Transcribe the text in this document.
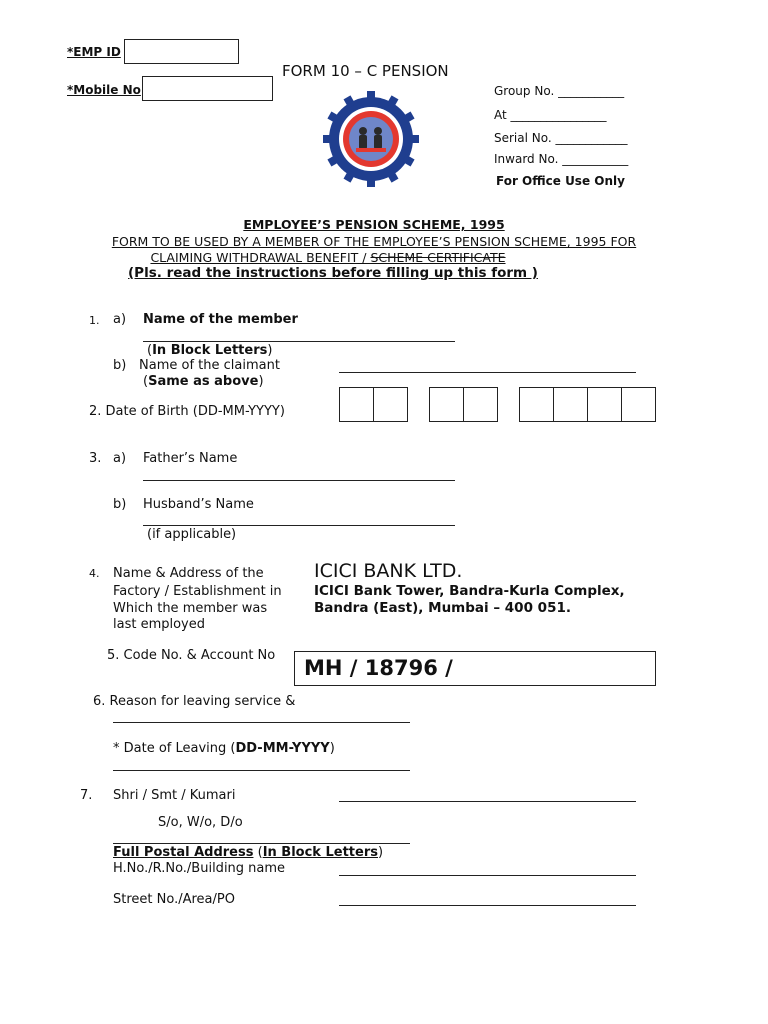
*EMP ID
*Mobile No
FORM 10 – C PENSION
Group No. ___________
At ________________
Serial No. ____________
Inward No. ___________
For Office Use Only
EMPLOYEE’S PENSION SCHEME, 1995
FORM TO BE USED BY A MEMBER OF THE EMPLOYEE’S PENSION SCHEME, 1995 FOR
CLAIMING WITHDRAWAL BENEFIT / SCHEME CERTIFICATE
(Pls. read the instructions before filling up this form )
1. a) Name of the member
(In Block Letters)
b) Name of the claimant
(Same as above)
2. Date of Birth (DD-MM-YYYY)
3. a) Father’s Name
b) Husband’s Name
(if applicable)
4. Name & Address of the
Factory / Establishment in
Which the member was
last employed
ICICI BANK LTD.
ICICI Bank Tower, Bandra-Kurla Complex,
Bandra (East), Mumbai – 400 051.
5. Code No. & Account No
MH / 18796 /
6. Reason for leaving service &
* Date of Leaving (DD-MM-YYYY)
7. Shri / Smt / Kumari
S/o, W/o, D/o
Full Postal Address (In Block Letters)
H.No./R.No./Building name
Street No./Area/PO
